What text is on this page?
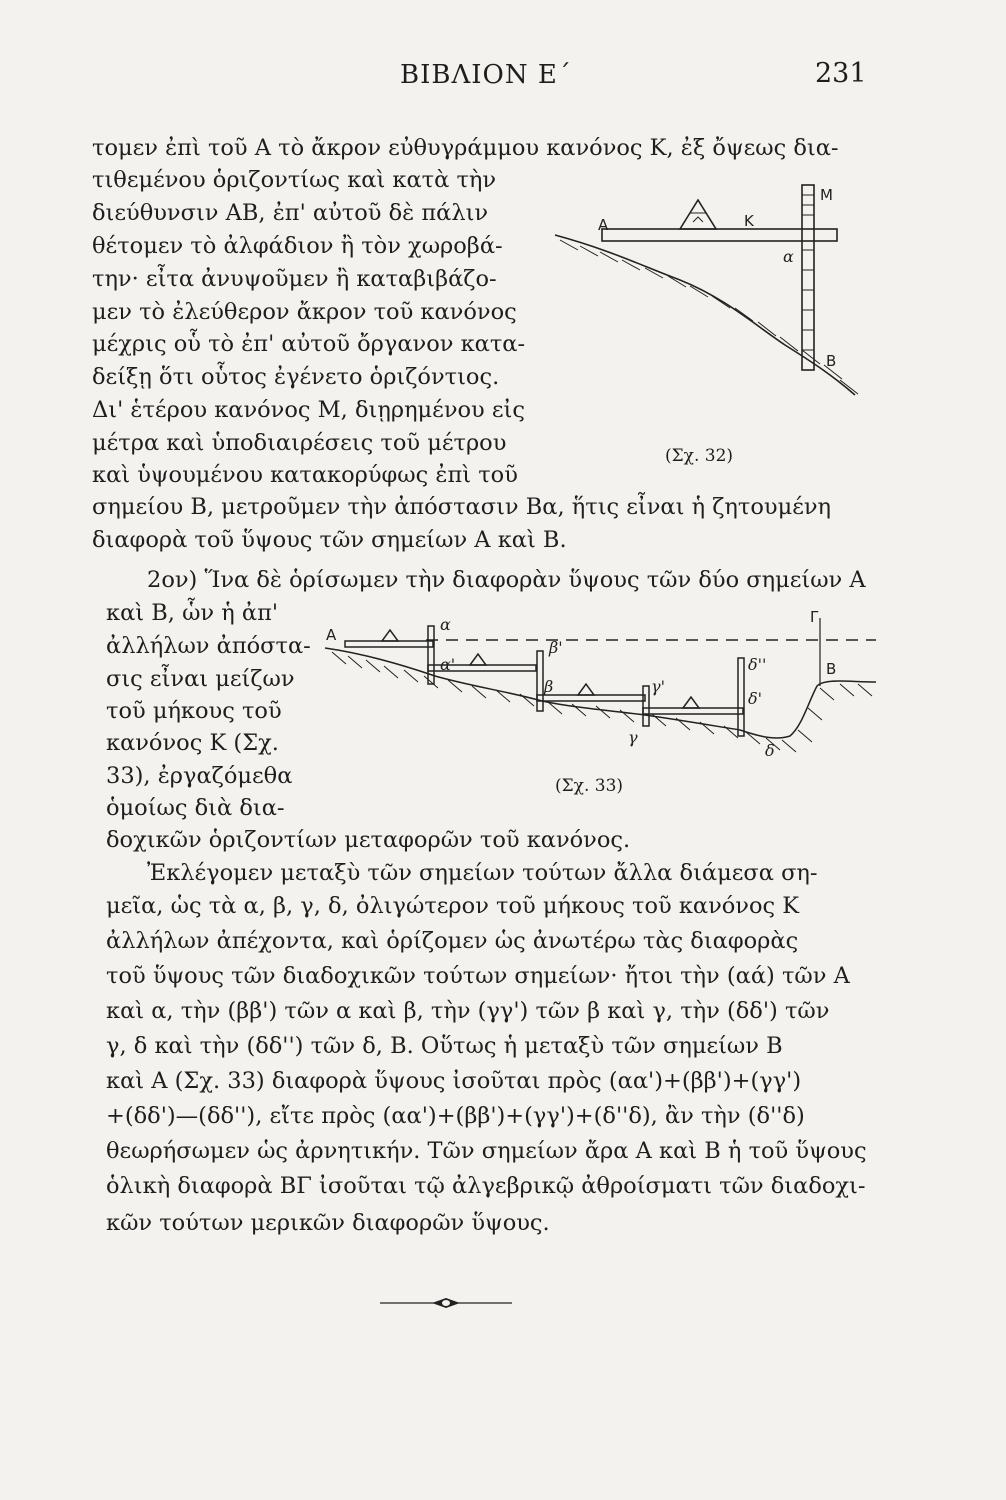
ΒΙΒΛΙΟΝ Ε΄	231
τομεν ἐπὶ τοῦ Α τὸ ἄκρον εὐθυγράμμου κανόνος Κ, ἐξ ὄψεως δια-
τιθεμένου ὁριζοντίως καὶ κατὰ τὴν
διεύθυνσιν ΑΒ, ἐπ' αὐτοῦ δὲ πάλιν
θέτομεν τὸ ἀλφάδιον ἢ τὸν χωροβά-
την· εἶτα ἀνυψοῦμεν ἢ καταβιβάζο-
μεν τὸ ἐλεύθερον ἄκρον τοῦ κανόνος
μέχρις οὗ τὸ ἐπ' αὐτοῦ ὄργανον κατα-
δείξῃ ὅτι οὗτος ἐγένετο ὁριζόντιος.
Δι' ἑτέρου κανόνος Μ, διῃρημένου εἰς
μέτρα καὶ ὑποδιαιρέσεις τοῦ μέτρου
καὶ ὑψουμένου κατακορύφως ἐπὶ τοῦ
σημείου Β, μετροῦμεν τὴν ἀπόστασιν Βα, ἥτις εἶναι ἡ ζητουμένη
διαφορὰ τοῦ ὕψους τῶν σημείων Α καὶ Β.
A	K
M
α
B
(Σχ. 32)
2ον) Ἵνα δὲ ὁρίσωμεν τὴν διαφορὰν ὕψους τῶν δύο σημείων Α
καὶ Β, ὧν ἡ ἀπ'
ἀλλήλων ἀπόστα-
σις εἶναι μείζων
τοῦ μήκους τοῦ
κανόνος Κ (Σχ.
33), ἐργαζόμεθα
ὁμοίως διὰ δια-
δοχικῶν ὁριζοντίων μεταφορῶν τοῦ κανόνος.
A
α
α'
β'
β	γ'
γ
δ''
δ'
δ
Γ
B
(Σχ. 33)
Ἐκλέγομεν μεταξὺ τῶν σημείων τούτων ἄλλα διάμεσα ση-
μεῖα, ὡς τὰ α, β, γ, δ, ὀλιγώτερον τοῦ μήκους τοῦ κανόνος Κ
ἀλλήλων ἀπέχοντα, καὶ ὁρίζομεν ὡς ἀνωτέρω τὰς διαφορὰς
τοῦ ὕψους τῶν διαδοχικῶν τούτων σημείων· ἤτοι τὴν (αά) τῶν Α
καὶ α, τὴν (ββ') τῶν α καὶ β, τὴν (γγ') τῶν β καὶ γ, τὴν (δδ') τῶν
γ, δ καὶ τὴν (δδ'') τῶν δ, Β. Οὕτως ἡ μεταξὺ τῶν σημείων Β
καὶ Α (Σχ. 33) διαφορὰ ὕψους ἰσοῦται πρὸς (αα')+(ββ')+(γγ')
+(δδ')—(δδ''), εἴτε πρὸς (αα')+(ββ')+(γγ')+(δ''δ), ἂν τὴν (δ''δ)
θεωρήσωμεν ὡς ἀρνητικήν. Τῶν σημείων ἄρα Α καὶ Β ἡ τοῦ ὕψους
ὁλικὴ διαφορὰ ΒΓ ἰσοῦται τῷ ἀλγεβρικῷ ἀθροίσματι τῶν διαδοχι-
κῶν τούτων μερικῶν διαφορῶν ὕψους.
